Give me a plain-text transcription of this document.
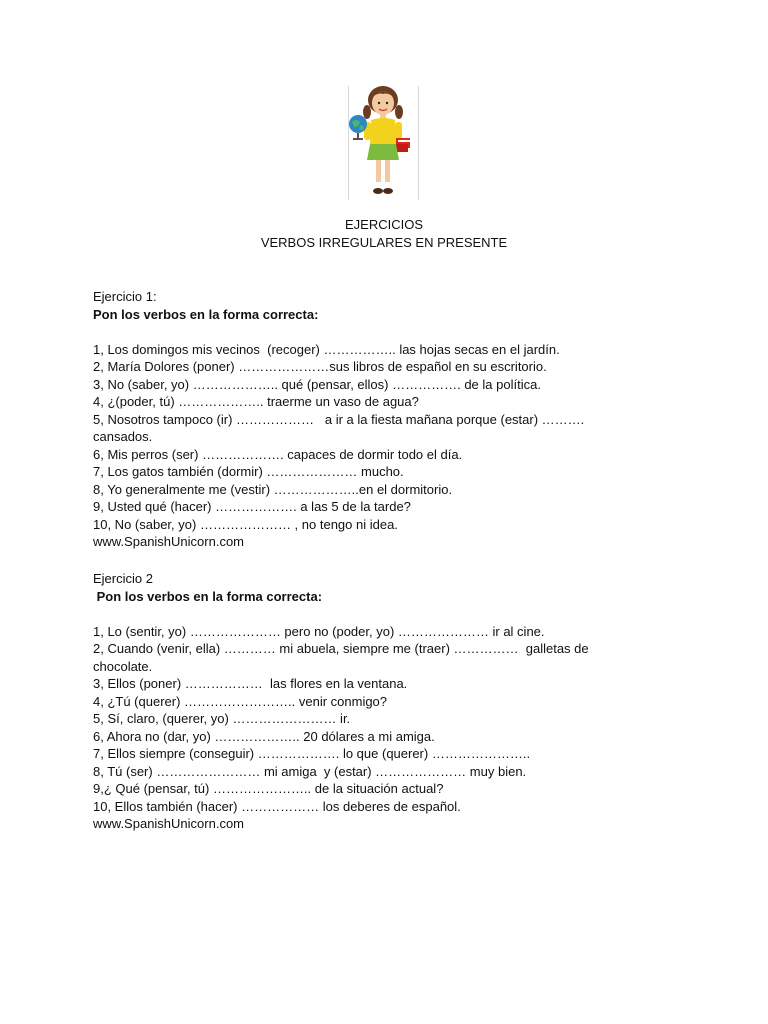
EJERCICIOS
VERBOS IRREGULARES EN PRESENTE
Ejercicio 1:
Pon los verbos en la forma correcta:
1, Los domingos mis vecinos  (recoger) …………….. las hojas secas en el jardín.
2, María Dolores (poner) …………………sus libros de español en su escritorio.
3, No (saber, yo) ……………….. qué (pensar, ellos) ……………. de la política.
4, ¿(poder, tú) ……………….. traerme un vaso de agua?
5, Nosotros tampoco (ir) ………………   a ir a la fiesta mañana porque (estar) ……….
cansados.
6, Mis perros (ser) ………………. capaces de dormir todo el día.
7, Los gatos también (dormir) ………………… mucho.
8, Yo generalmente me (vestir) ………………..en el dormitorio.
9, Usted qué (hacer) ………………. a las 5 de la tarde?
10, No (saber, yo) ………………… , no tengo ni idea.
www.SpanishUnicorn.com
Ejercicio 2
Pon los verbos en la forma correcta:
1, Lo (sentir, yo) ………………… pero no (poder, yo) ………………… ir al cine.
2, Cuando (venir, ella) ………… mi abuela, siempre me (traer) ……………  galletas de
chocolate.
3, Ellos (poner) ………………  las flores en la ventana.
4, ¿Tú (querer) …………………….. venir conmigo?
5, Sí, claro, (querer, yo) …………………… ir.
6, Ahora no (dar, yo) ……………….. 20 dólares a mi amiga.
7, Ellos siempre (conseguir) ………………. lo que (querer) …………………..
8, Tú (ser) …………………… mi amiga  y (estar) ………………… muy bien.
9,¿ Qué (pensar, tú) ………………….. de la situación actual?
10, Ellos también (hacer) ……………… los deberes de español.
www.SpanishUnicorn.com
